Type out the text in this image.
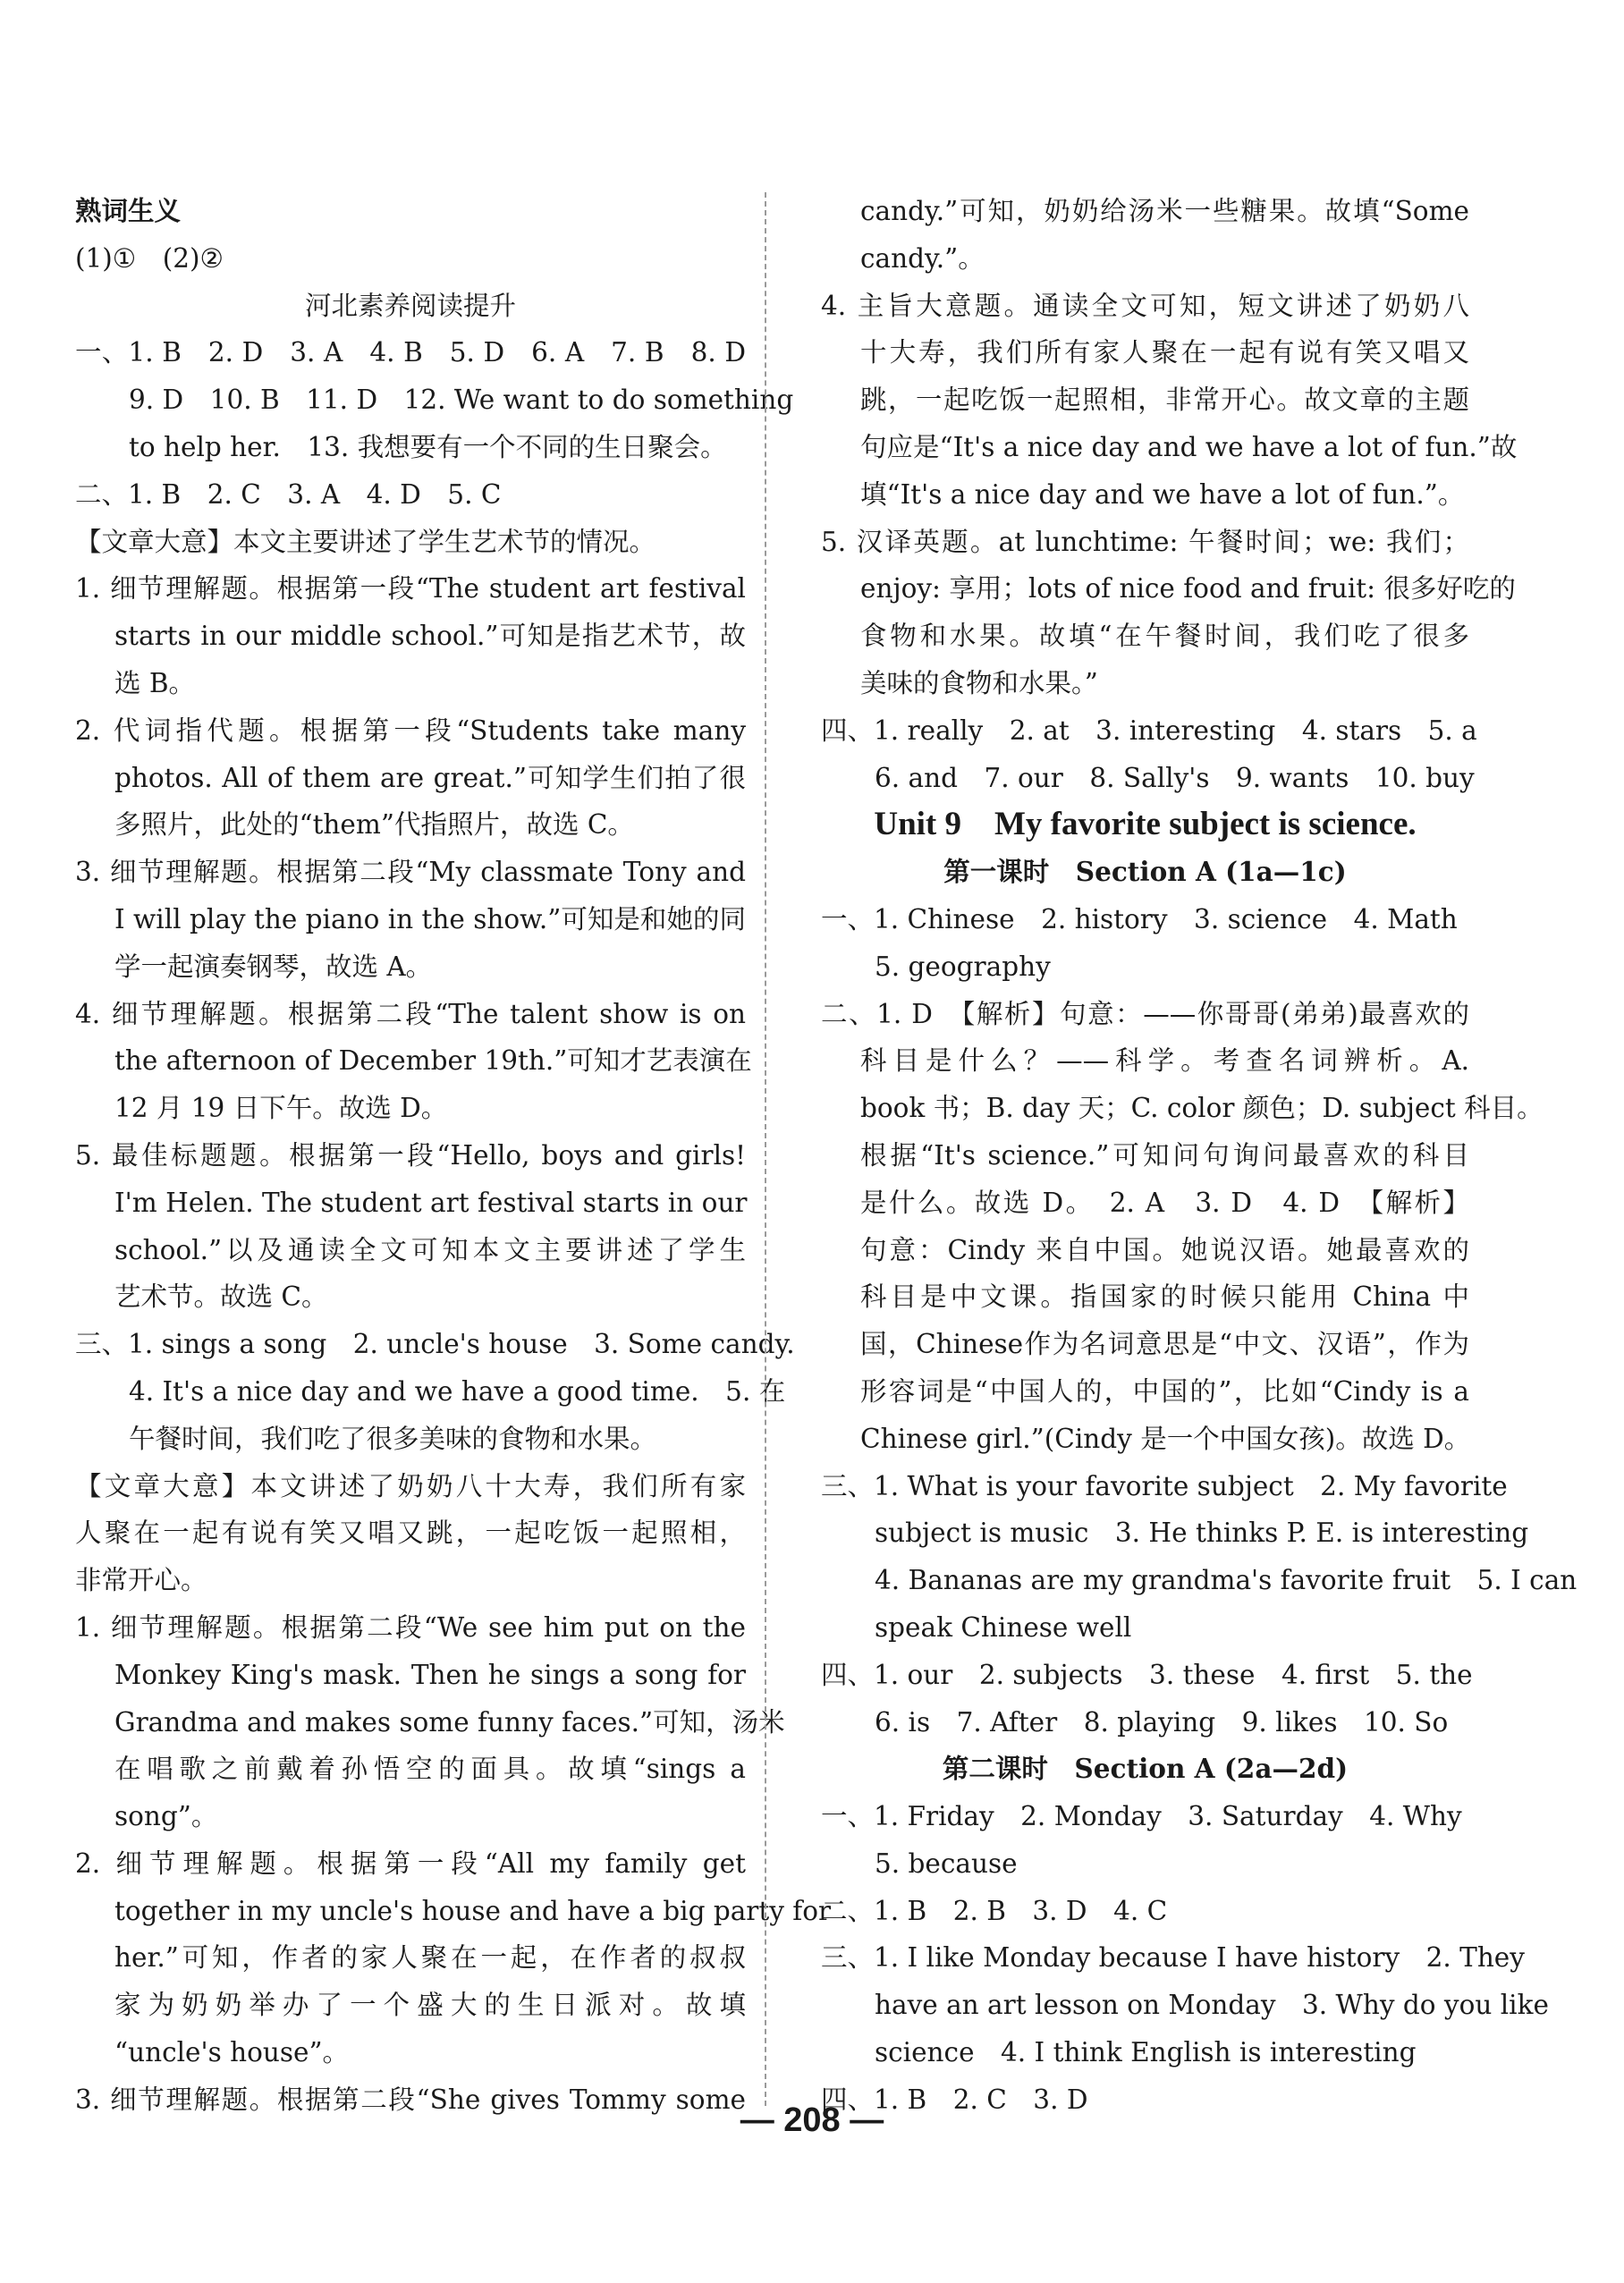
熟词生义
(1)①　(2)②
河北素养阅读提升
一、1. B　2. D　3. A　4. B　5. D　6. A　7. B　8. D
9. D　10. B　11. D　12. We want to do something
to help her.　13. 我想要有一个不同的生日聚会。
二、1. B　2. C　3. A　4. D　5. C
【文章大意】本文主要讲述了学生艺术节的情况。
1. 细节理解题。根据第一段“The student art festival
starts in our middle school.”可知是指艺术节，故
选 B。
2. 代词指代题。根据第一段“Students take many
photos. All of them are great.”可知学生们拍了很
多照片，此处的“them”代指照片，故选 C。
3. 细节理解题。根据第二段“My classmate Tony and
I will play the piano in the show.”可知是和她的同
学一起演奏钢琴，故选 A。
4. 细节理解题。根据第二段“The talent show is on
the afternoon of December 19th.”可知才艺表演在
12 月 19 日下午。故选 D。
5. 最佳标题题。根据第一段“Hello, boys and girls!
I'm Helen. The student art festival starts in our
school.”以及通读全文可知本文主要讲述了学生
艺术节。故选 C。
三、1. sings a song　2. uncle's house　3. Some candy.
4. It's a nice day and we have a good time.　5. 在
午餐时间，我们吃了很多美味的食物和水果。
【文章大意】本文讲述了奶奶八十大寿，我们所有家
人聚在一起有说有笑又唱又跳，一起吃饭一起照相，
非常开心。
1. 细节理解题。根据第二段“We see him put on the
Monkey King's mask. Then he sings a song for
Grandma and makes some funny faces.”可知，汤米
在唱歌之前戴着孙悟空的面具。故填“sings a
song”。
2. 细节理解题。根据第一段“All my family get
together in my uncle's house and have a big party for
her.”可知，作者的家人聚在一起，在作者的叔叔
家为奶奶举办了一个盛大的生日派对。故填
“uncle's house”。
3. 细节理解题。根据第二段“She gives Tommy some
candy.”可知，奶奶给汤米一些糖果。故填“Some
candy.”。
4. 主旨大意题。通读全文可知，短文讲述了奶奶八
十大寿，我们所有家人聚在一起有说有笑又唱又
跳，一起吃饭一起照相，非常开心。故文章的主题
句应是“It's a nice day and we have a lot of fun.”故
填“It's a nice day and we have a lot of fun.”。
5. 汉译英题。at lunchtime: 午餐时间；we: 我们；
enjoy: 享用；lots of nice food and fruit: 很多好吃的
食物和水果。故填“在午餐时间，我们吃了很多
美味的食物和水果。”
四、1. really　2. at　3. interesting　4. stars　5. a
6. and　7. our　8. Sally's　9. wants　10. buy
Unit 9　My favorite subject is science.
第一课时　Section A (1a—1c)
一、1. Chinese　2. history　3. science　4. Math
5. geography
二、1. D　【解析】句意：——你哥哥(弟弟)最喜欢的
科目是什么？——科学。考查名词辨析。A.
book 书；B. day 天；C. color 颜色；D. subject 科目。
根据“It's science.”可知问句询问最喜欢的科目
是什么。故选 D。　2. A　3. D　4. D　【解析】
句意：Cindy 来自中国。她说汉语。她最喜欢的
科目是中文课。指国家的时候只能用 China 中
国，Chinese作为名词意思是“中文、汉语”，作为
形容词是“中国人的，中国的”，比如“Cindy is a
Chinese girl.”(Cindy 是一个中国女孩)。故选 D。
三、1. What is your favorite subject　2. My favorite
subject is music　3. He thinks P. E. is interesting
4. Bananas are my grandma's favorite fruit　5. I can
speak Chinese well
四、1. our　2. subjects　3. these　4. first　5. the
6. is　7. After　8. playing　9. likes　10. So
第二课时　Section A (2a—2d)
一、1. Friday　2. Monday　3. Saturday　4. Why
5. because
二、1. B　2. B　3. D　4. C
三、1. I like Monday because I have history　2. They
have an art lesson on Monday　3. Why do you like
science　4. I think English is interesting
四、1. B　2. C　3. D
— 208 —
